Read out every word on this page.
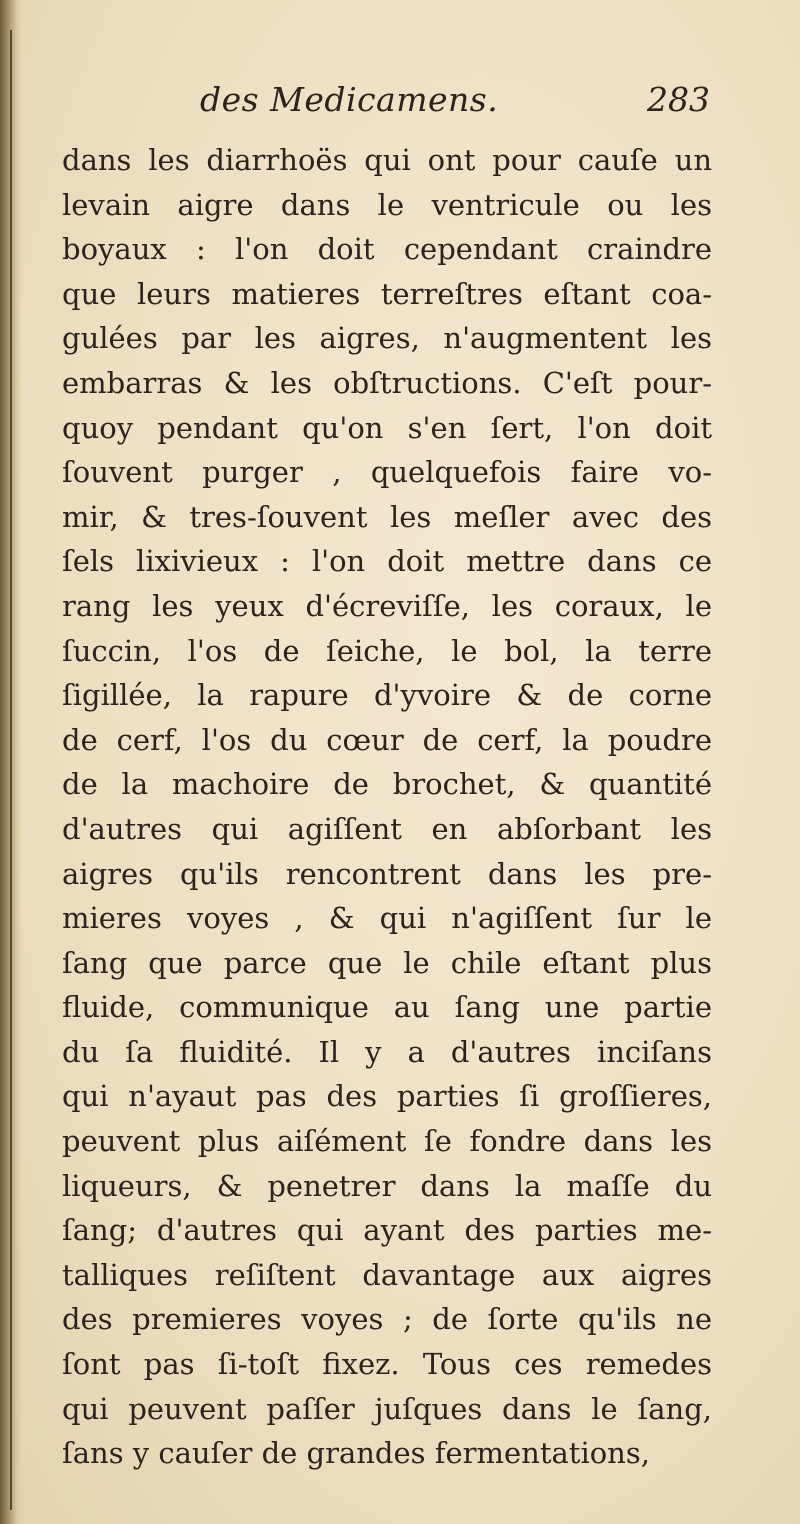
des Medicamens.	283
dans les diarrhoës qui ont pour cauſe un
levain aigre dans le ventricule ou les
boyaux : l'on doit cependant craindre
que leurs matieres terreſtres eſtant coa-
gulées par les aigres, n'augmentent les
embarras & les obſtructions. C'eſt pour-
quoy pendant qu'on s'en ſert, l'on doit
ſouvent purger , quelquefois faire vo-
mir, & tres-ſouvent les meſler avec des
ſels lixivieux : l'on doit mettre dans ce
rang les yeux d'écreviſſe, les coraux, le
ſuccin, l'os de ſeiche, le bol, la terre
ſigillée, la rapure d'yvoire & de corne
de cerf, l'os du cœur de cerf, la poudre
de la machoire de brochet, & quantité
d'autres qui agiſſent en abſorbant les
aigres qu'ils rencontrent dans les pre-
mieres voyes , & qui n'agiſſent ſur le
ſang que parce que le chile eſtant plus
fluide, communique au ſang une partie
du ſa fluidité. Il y a d'autres inciſans
qui n'ayaut pas des parties ſi groſſieres,
peuvent plus aiſément ſe fondre dans les
liqueurs, & penetrer dans la maſſe du
ſang; d'autres qui ayant des parties me-
talliques reſiſtent davantage aux aigres
des premieres voyes ; de ſorte qu'ils ne
ſont pas ſi-toſt fixez. Tous ces remedes
qui peuvent paſſer juſques dans le ſang,
ſans y cauſer de grandes fermentations,
